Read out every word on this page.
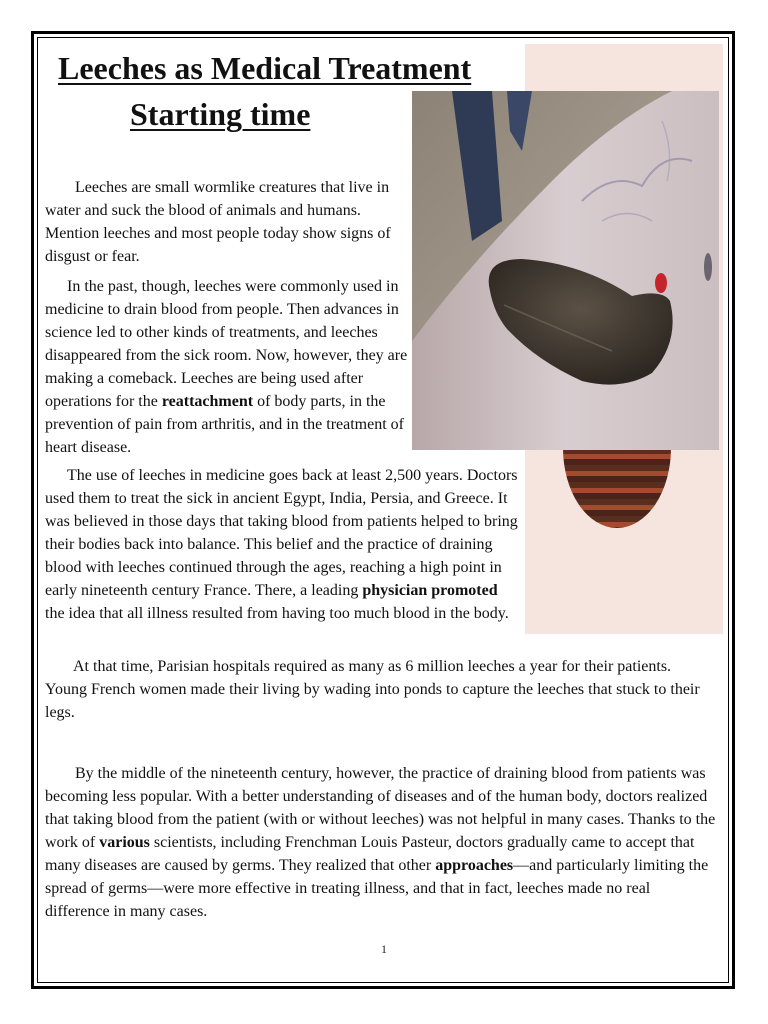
Leeches as Medical Treatment
Starting time

Leeches are small wormlike creatures that live in water and suck the blood of animals and humans. Mention leeches and most people today show signs of disgust or fear.

In the past, though, leeches were commonly used in medicine to drain blood from people. Then advances in science led to other kinds of treatments, and leeches disappeared from the sick room. Now, however, they are making a comeback. Leeches are being used after operations for the reattachment of body parts, in the prevention of pain from arthritis, and in the treatment of heart disease.

The use of leeches in medicine goes back at least 2,500 years. Doctors used them to treat the sick in ancient Egypt, India, Persia, and Greece. It was believed in those days that taking blood from patients helped to bring their bodies back into balance. This belief and the practice of draining blood with leeches continued through the ages, reaching a high point in early nineteenth century France. There, a leading physician promoted the idea that all illness resulted from having too much blood in the body.

At that time, Parisian hospitals required as many as 6 million leeches a year for their patients. Young French women made their living by wading into ponds to capture the leeches that stuck to their legs.

By the middle of the nineteenth century, however, the practice of draining blood from patients was becoming less popular. With a better understanding of diseases and of the human body, doctors realized that taking blood from the patient (with or without leeches) was not helpful in many cases. Thanks to the work of various scientists, including Frenchman Louis Pasteur, doctors gradually came to accept that many diseases are caused by germs. They realized that other approaches—and particularly limiting the spread of germs—were more effective in treating illness, and that in fact, leeches made no real difference in many cases.

1
